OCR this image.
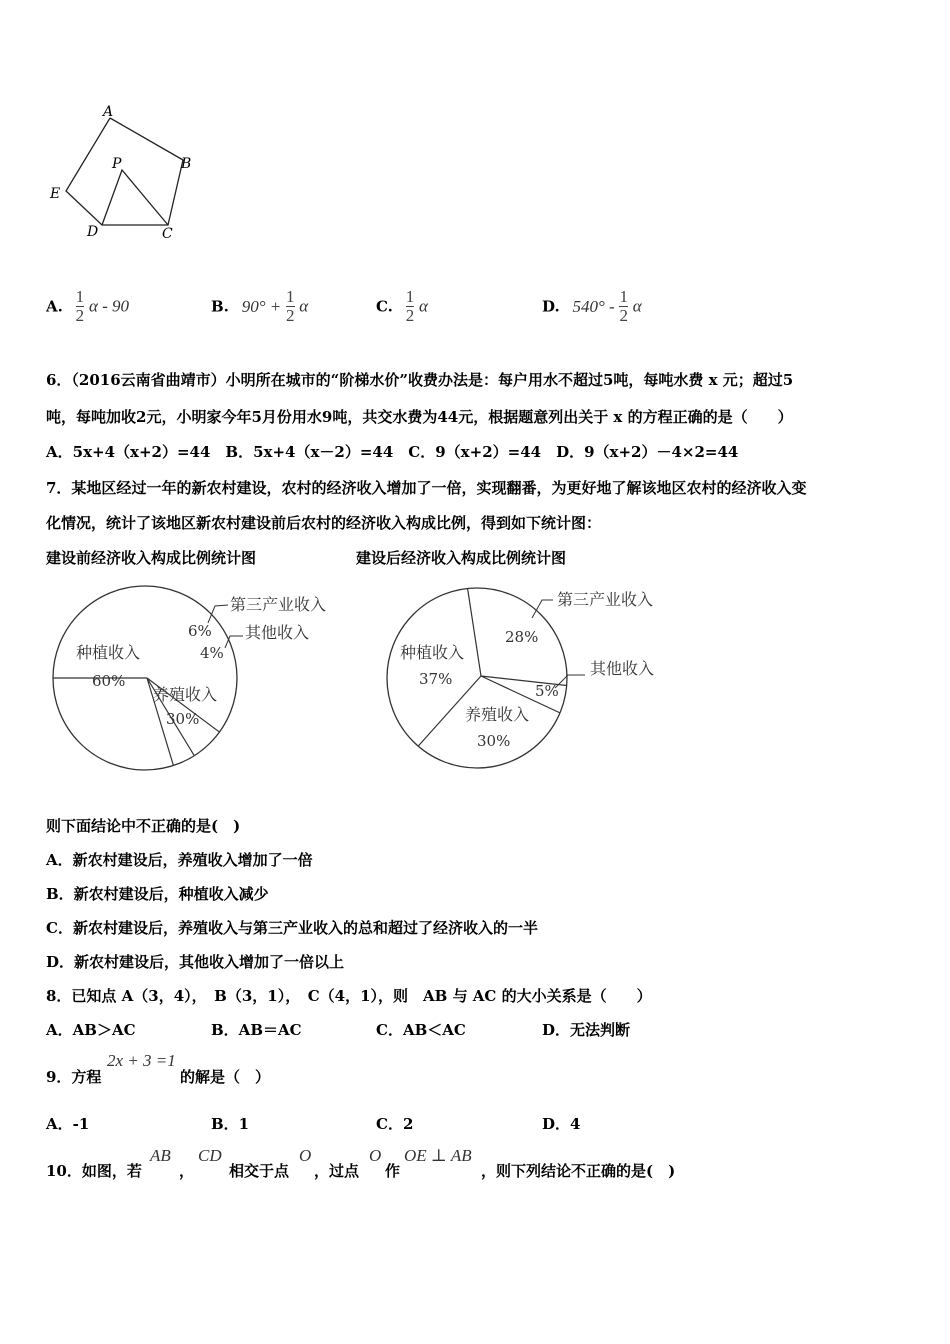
A
B
P
E
D	C
A. $\frac{1}{2}$ α - 90	B. $90^\circ + \frac{1}{2}$ α	C. $\frac{1}{2}$ α	D. $540^\circ - \frac{1}{2}$ α
6．（2016云南省曲靖市）小明所在城市的“阶梯水价”收费办法是：每户用水不超过5吨，每吨水费 x 元；超过5
吨，每吨加收2元，小明家今年5月份用水9吨，共交水费为44元，根据题意列出关于 x 的方程正确的是（　　）
A．5x+4（x+2）=44　B．5x+4（x－2）=44　C．9（x+2）=44　D．9（x+2）－4×2=44
7．某地区经过一年的新农村建设，农村的经济收入增加了一倍，实现翻番，为更好地了解该地区农村的经济收入变
化情况，统计了该地区新农村建设前后农村的经济收入构成比例，得到如下统计图：
建设前经济收入构成比例统计图	建设后经济收入构成比例统计图
种植收入
60%
第三产业收入
6% 其他收入
4%
养殖收入
30%
第三产业收入
28%
其他收入
5%
养殖收入
30%
种植收入
37%
则下面结论中不正确的是(　)
A．新农村建设后，养殖收入增加了一倍
B．新农村建设后，种植收入减少
C．新农村建设后，养殖收入与第三产业收入的总和超过了经济收入的一半
D．新农村建设后，其他收入增加了一倍以上
8．已知点 A（3，4），　B（3，1），　C（4，1），则　AB 与 AC 的大小关系是（　　）
A．AB＞AC	B．AB＝AC	C．AB＜AC	D．无法判断
9．方程
2x + 3 =1
的解是（　）
A．-1	B．1	C．2	D．4
10．如图，若
AB
，
CD
相交于点
O
，过点
O
作
OE ⊥ AB
，则下列结论不正确的是(　)
